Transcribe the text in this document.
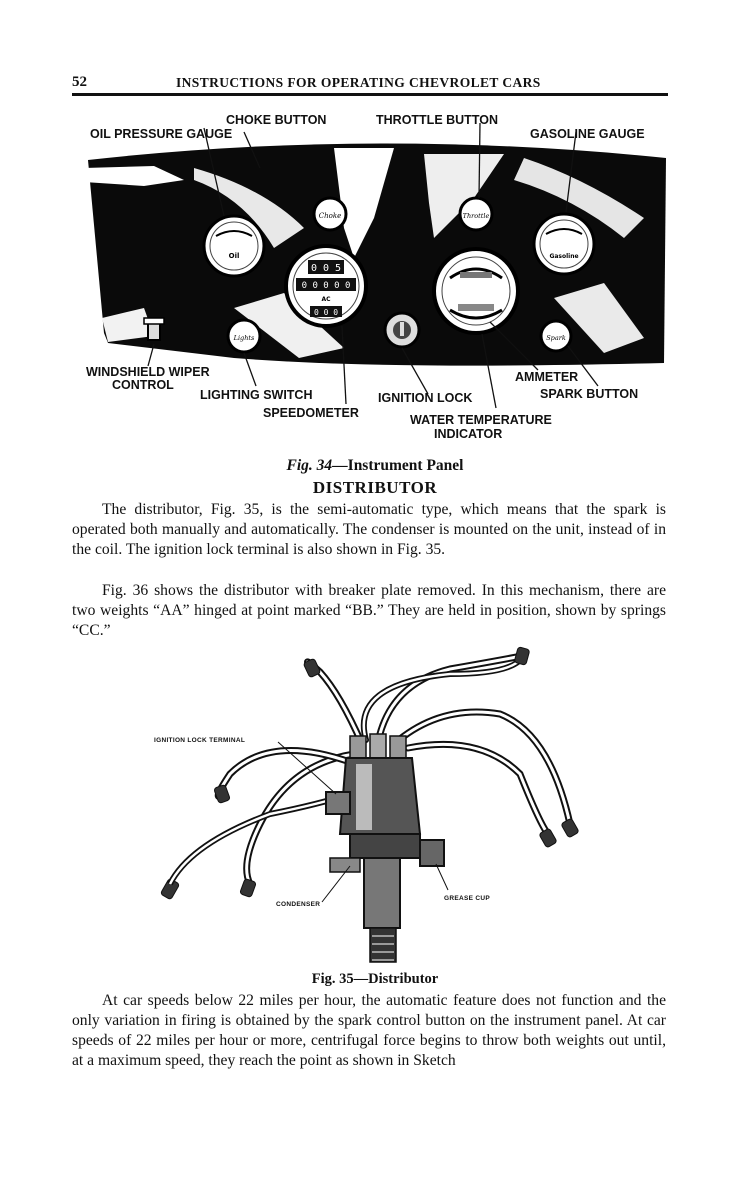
52	INSTRUCTIONS FOR OPERATING CHEVROLET CARS
Oil
Choke	Throttle
Gasoline
0 0 5
0 0 0 0 0
AC
0 0 0
Lights	Spark
CHOKE BUTTON	THROTTLE BUTTON
OIL PRESSURE GAUGE	GASOLINE GAUGE
WINDSHIELD WIPER
CONTROL
LIGHTING SWITCH
SPEEDOMETER
IGNITION LOCK
AMMETER
SPARK BUTTON
WATER TEMPERATURE
INDICATOR
Fig. 34—Instrument Panel
DISTRIBUTOR

The distributor, Fig. 35, is the semi-automatic type, which means that the spark is operated both manually and automatically. The condenser is mounted on the unit, instead of in the coil. The ignition lock terminal is also shown in Fig. 35.

Fig. 36 shows the distributor with breaker plate removed. In this mechanism, there are two weights “AA” hinged at point marked “BB.” They are held in position, shown by springs “CC.”

IGNITION LOCK TERMINAL
CONDENSER
GREASE CUP
Fig. 35—Distributor

At car speeds below 22 miles per hour, the automatic feature does not function and the only variation in firing is obtained by the spark control button on the instrument panel. At car speeds of 22 miles per hour or more, centrifugal force begins to throw both weights out until, at a maximum speed, they reach the point as shown in Sketch
